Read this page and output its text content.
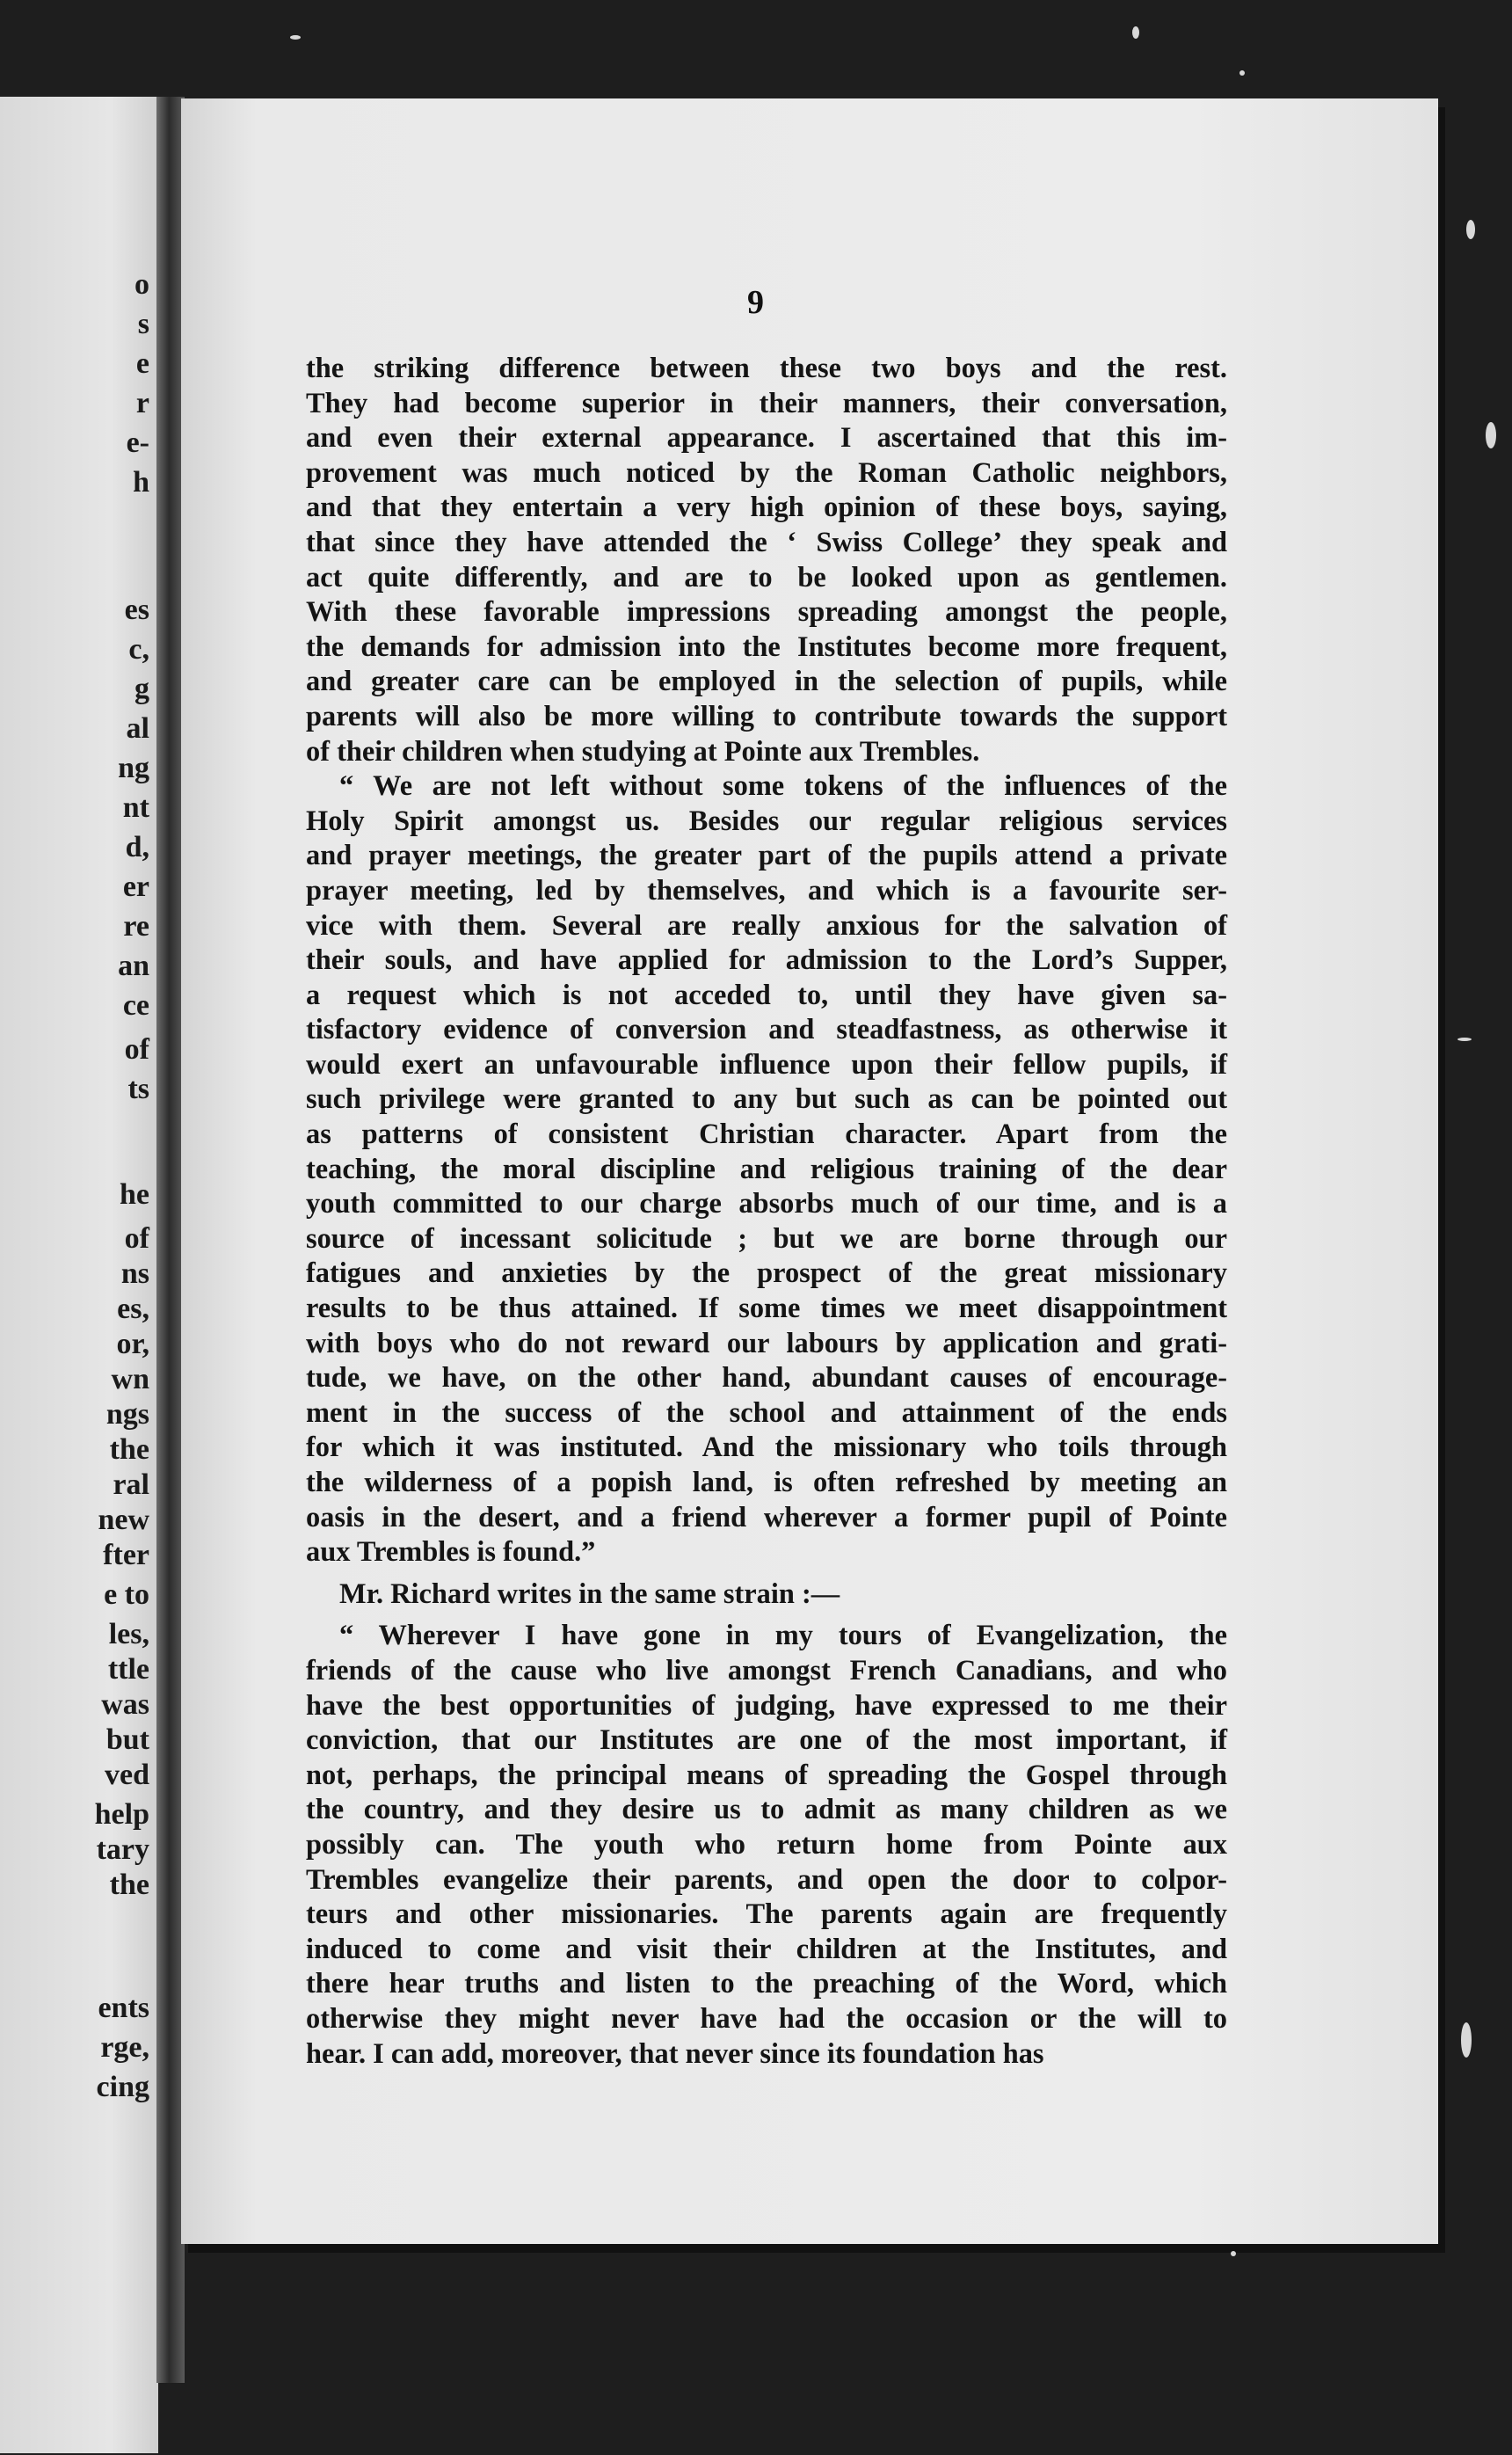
o
s
e
r
e-
h
es
c,
g
al
ng
nt
d,
er
re
an
ce
of
ts
he
of
ns
es,
or,
wn
ngs
the
ral
new
fter
e to
les,
ttle
was
but
ved
help
tary
the
ents
rge,
cing
9
the striking difference between these two boys and the rest.
They had become superior in their manners, their conversation,
and even their external appearance. I ascertained that this im-
provement was much noticed by the Roman Catholic neighbors,
and that they entertain a very high opinion of these boys, saying,
that since they have attended the ‘ Swiss College’ they speak and
act quite differently, and are to be looked upon as gentlemen.
With these favorable impressions spreading amongst the people,
the demands for admission into the Institutes become more frequent,
and greater care can be employed in the selection of pupils, while
parents will also be more willing to contribute towards the support
of their children when studying at Pointe aux Trembles.
“ We are not left without some tokens of the influences of the
Holy Spirit amongst us. Besides our regular religious services
and prayer meetings, the greater part of the pupils attend a private
prayer meeting, led by themselves, and which is a favourite ser-
vice with them. Several are really anxious for the salvation of
their souls, and have applied for admission to the Lord’s Supper,
a request which is not acceded to, until they have given sa-
tisfactory evidence of conversion and steadfastness, as otherwise it
would exert an unfavourable influence upon their fellow pupils, if
such privilege were granted to any but such as can be pointed out
as patterns of consistent Christian character. Apart from the
teaching, the moral discipline and religious training of the dear
youth committed to our charge absorbs much of our time, and is a
source of incessant solicitude ; but we are borne through our
fatigues and anxieties by the prospect of the great missionary
results to be thus attained. If some times we meet disappointment
with boys who do not reward our labours by application and grati-
tude, we have, on the other hand, abundant causes of encourage-
ment in the success of the school and attainment of the ends
for which it was instituted. And the missionary who toils through
the wilderness of a popish land, is often refreshed by meeting an
oasis in the desert, and a friend wherever a former pupil of Pointe
aux Trembles is found.”
Mr. Richard writes in the same strain :—
“ Wherever I have gone in my tours of Evangelization, the
friends of the cause who live amongst French Canadians, and who
have the best opportunities of judging, have expressed to me their
conviction, that our Institutes are one of the most important, if
not, perhaps, the principal means of spreading the Gospel through
the country, and they desire us to admit as many children as we
possibly can. The youth who return home from Pointe aux
Trembles evangelize their parents, and open the door to colpor-
teurs and other missionaries. The parents again are frequently
induced to come and visit their children at the Institutes, and
there hear truths and listen to the preaching of the Word, which
otherwise they might never have had the occasion or the will to
hear. I can add, moreover, that never since its foundation has
